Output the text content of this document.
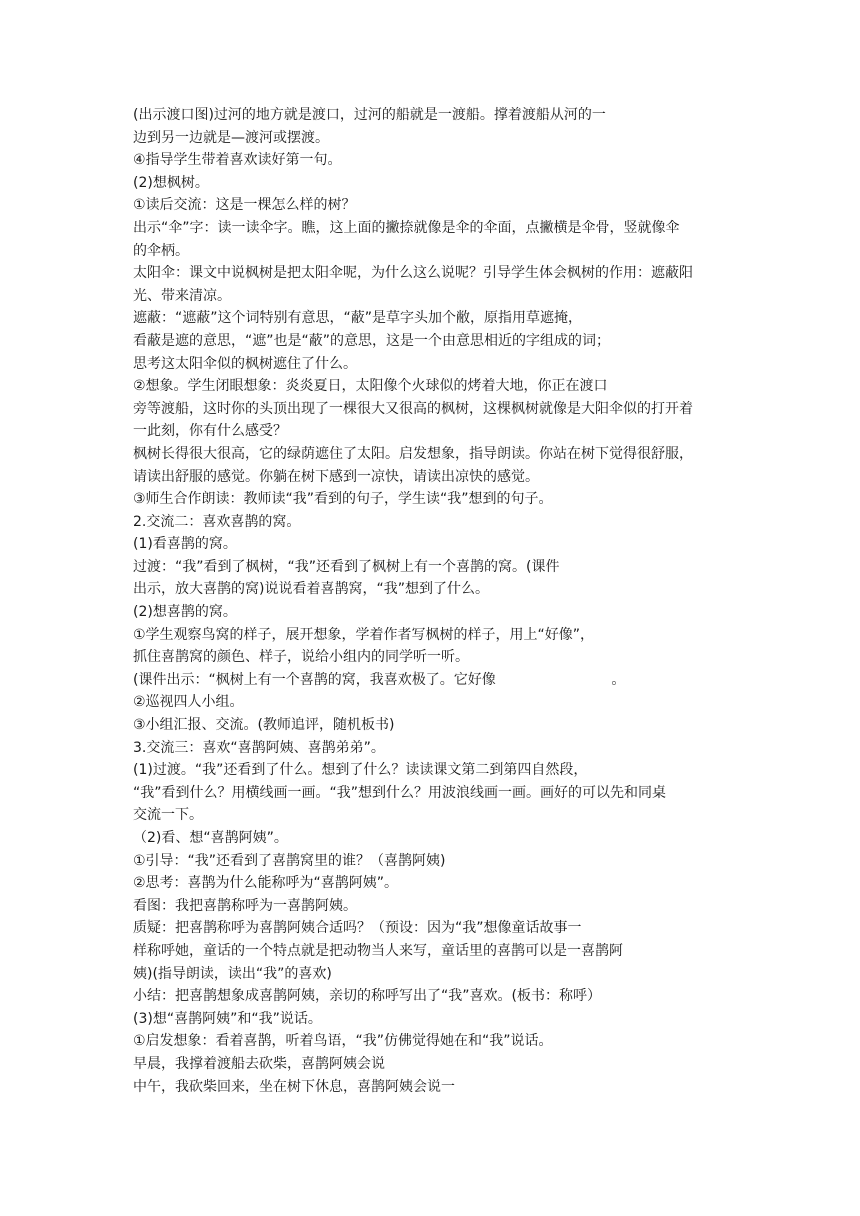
(出示渡口图)过河的地方就是渡口，过河的船就是一渡船。撑着渡船从河的一
边到另一边就是—渡河或摆渡。
④指导学生带着喜欢读好第一句。
(2)想枫树。
①读后交流：这是一棵怎么样的树？
出示“伞”字：读一读伞字。瞧，这上面的撇捺就像是伞的伞面，点撇横是伞骨，竖就像伞
的伞柄。
太阳伞：课文中说枫树是把太阳伞呢，为什么这么说呢？引导学生体会枫树的作用：遮蔽阳
光、带来清凉。
遮蔽：“遮蔽”这个词特别有意思，“蔽”是草字头加个敝，原指用草遮掩，
看蔽是遮的意思，“遮”也是“蔽”的意思，这是一个由意思相近的字组成的词；
思考这太阳伞似的枫树遮住了什么。
②想象。学生闭眼想象：炎炎夏日，太阳像个火球似的烤着大地，你正在渡口
旁等渡船，这时你的头顶出现了一棵很大又很高的枫树，这棵枫树就像是大阳伞似的打开着
一此刻，你有什么感受？
枫树长得很大很高，它的绿荫遮住了太阳。启发想象，指导朗读。你站在树下觉得很舒服，
请读出舒服的感觉。你躺在树下感到一凉快，请读出凉快的感觉。
③师生合作朗读：教师读“我”看到的句子，学生读“我”想到的句子。
2.交流二：喜欢喜鹊的窝。
(1)看喜鹊的窝。
过渡：“我”看到了枫树，“我”还看到了枫树上有一个喜鹊的窝。(课件
出示，放大喜鹊的窝)说说看着喜鹊窝，“我”想到了什么。
(2)想喜鹊的窝。
①学生观察鸟窝的样子，展开想象，学着作者写枫树的样子，用上“好像”，
抓住喜鹊窝的颜色、样子，说给小组内的同学听一听。
(课件出示：“枫树上有一个喜鹊的窝，我喜欢极了。它好像                          。
②巡视四人小组。
③小组汇报、交流。(教师追评，随机板书)
3.交流三：喜欢“喜鹊阿姨、喜鹊弟弟”。
(1)过渡。“我”还看到了什么。想到了什么？读读课文第二到第四自然段，
“我”看到什么？用横线画一画。“我”想到什么？用波浪线画一画。画好的可以先和同桌
交流一下。
（2)看、想“喜鹊阿姨”。
①引导：“我”还看到了喜鹊窝里的谁？（喜鹊阿姨)
②思考：喜鹊为什么能称呼为“喜鹊阿姨”。
看图：我把喜鹊称呼为一喜鹊阿姨。
质疑：把喜鹊称呼为喜鹊阿姨合适吗？（预设：因为“我”想像童话故事一
样称呼她，童话的一个特点就是把动物当人来写，童话里的喜鹊可以是一喜鹊阿
姨)(指导朗读，读出“我”的喜欢)
小结：把喜鹊想象成喜鹊阿姨，亲切的称呼写出了“我”喜欢。(板书：称呼）
(3)想“喜鹊阿姨”和“我”说话。
①启发想象：看着喜鹊，听着鸟语，“我”仿佛觉得她在和“我”说话。
早晨，我撑着渡船去砍柴，喜鹊阿姨会说
中午，我砍柴回来，坐在树下休息，喜鹊阿姨会说一
